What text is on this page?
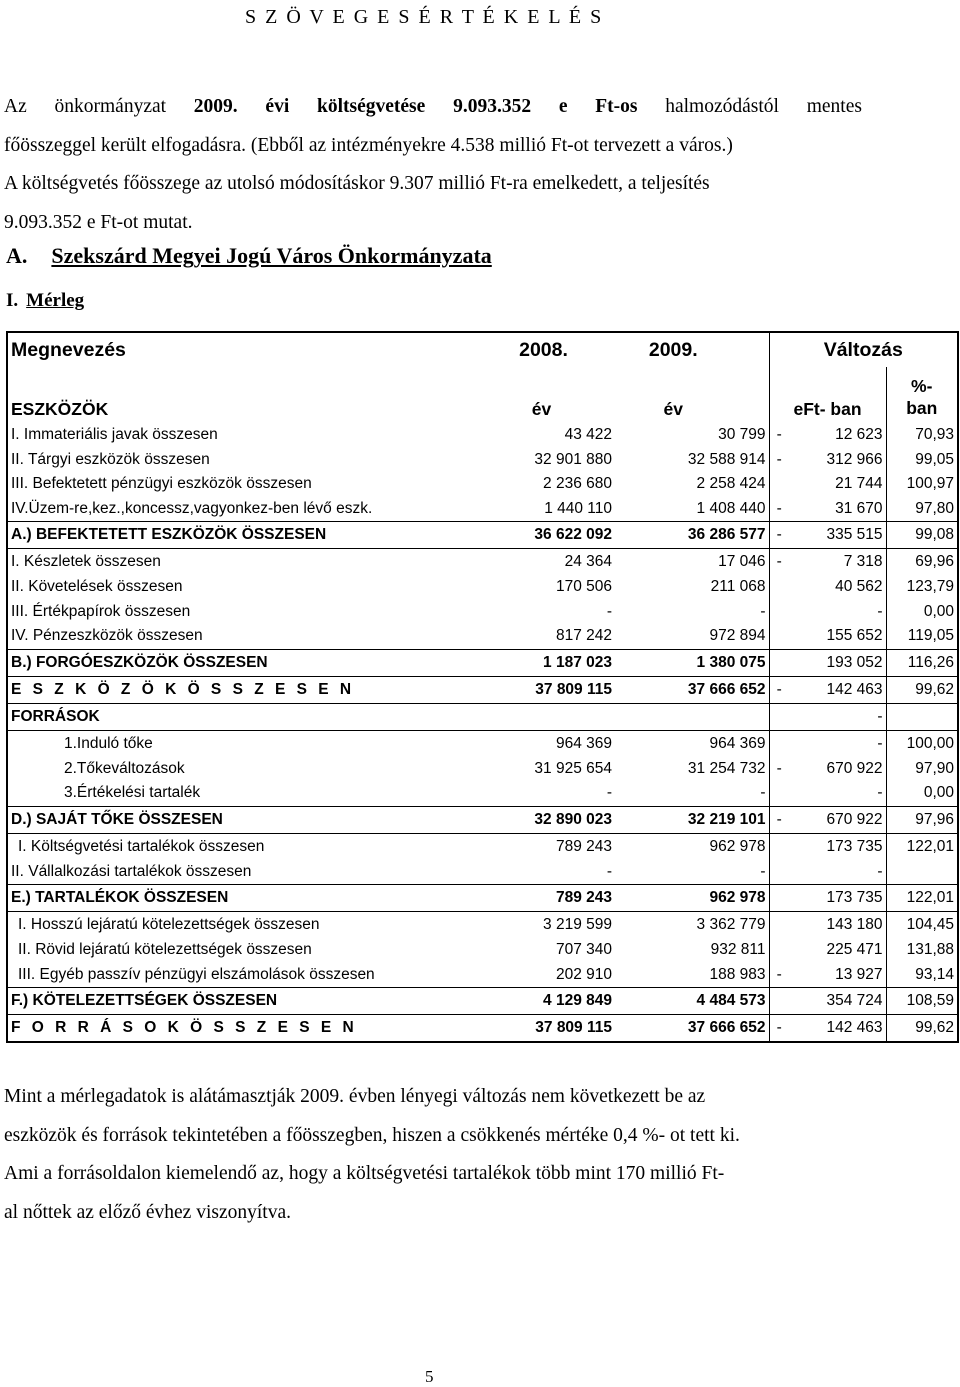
S Z Ö V E G E S É R T É K E L É S
Az önkormányzat 2009. évi költségvetése 9.093.352 e Ft-os halmozódástól mentes
főösszeggel került elfogadásra. (Ebből az intézményekre 4.538 millió Ft-ot tervezett a város.)
A költségvetés főösszege az utolsó módosításkor 9.307 millió Ft-ra emelkedett, a teljesítés
9.093.352 e Ft-ot mutat.
A. Szekszárd Megyei Jogú Város Önkormányzata
I. Mérleg
Megnevezés	2008.	2009.	Változás		
ESZKÖZÖK	év	év	eFt- ban		%-
ban
I. Immateriális javak összesen	43 422	30 799	-	12 623	70,93
II. Tárgyi eszközök összesen	32 901 880	32 588 914	-	312 966	99,05
III. Befektetett pénzügyi eszközök összesen	2 236 680	2 258 424		21 744	100,97
IV.Üzem-re,kez.,koncessz,vagyonkez-ben lévő eszk.	1 440 110	1 408 440	-	31 670	97,80
A.) BEFEKTETETT ESZKÖZÖK ÖSSZESEN	36 622 092	36 286 577	-	335 515	99,08
I. Készletek összesen	24 364	17 046	-	7 318	69,96
II. Követelések összesen	170 506	211 068		40 562	123,79
III. Értékpapírok összesen	-	-		-	0,00
IV. Pénzeszközök összesen	817 242	972 894		155 652	119,05
B.) FORGÓESZKÖZÖK ÖSSZESEN	1 187 023	1 380 075		193 052	116,26
E S Z K Ö Z Ö K Ö S S Z E S E N	37 809 115	37 666 652	-	142 463	99,62
FORRÁSOK				-	
1.Induló tőke	964 369	964 369		-	100,00
2.Tőkeváltozások	31 925 654	31 254 732	-	670 922	97,90
3.Értékelési tartalék	-	-		-	0,00
D.) SAJÁT TŐKE ÖSSZESEN	32 890 023	32 219 101	-	670 922	97,96
I. Költségvetési tartalékok összesen	789 243	962 978		173 735	122,01
II. Vállalkozási tartalékok összesen	-	-		-	
E.) TARTALÉKOK ÖSSZESEN	789 243	962 978		173 735	122,01
I. Hosszú lejáratú kötelezettségek összesen	3 219 599	3 362 779		143 180	104,45
II. Rövid lejáratú kötelezettségek összesen	707 340	932 811		225 471	131,88
III. Egyéb passzív pénzügyi elszámolások összesen	202 910	188 983	-	13 927	93,14
F.) KÖTELEZETTSÉGEK ÖSSZESEN	4 129 849	4 484 573		354 724	108,59
F O R R Á S O K Ö S S Z E S E N	37 809 115	37 666 652	-	142 463	99,62
Mint a mérlegadatok is alátámasztják 2009. évben lényegi változás nem következett be az
eszközök és források tekintetében a főösszegben, hiszen a csökkenés mértéke 0,4 %- ot tett ki.
Ami a forrásoldalon kiemelendő az, hogy a költségvetési tartalékok több mint 170 millió Ft-
al nőttek az előző évhez viszonyítva.
5
